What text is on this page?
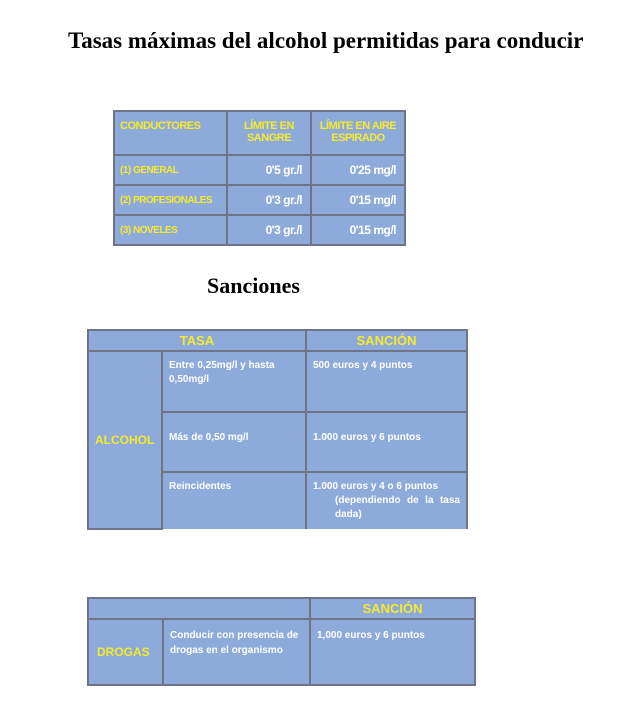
Tasas máximas del alcohol permitidas para conducir
CONDUCTORES	LÍMITE EN SANGRE	LÍMITE EN AIRE ESPIRADO
(1) GENERAL	0'5 gr./l	0'25 mg/l
(2) PROFESIONALES	0'3 gr./l	0'15 mg/l
(3) NOVELES	0'3 gr./l	0'15 mg/l
Sanciones
TASA		SANCIÓN
ALCOHOL	Entre 0,25mg/l y hasta 0,50mg/l	500 euros y 4 puntos
	Más de 0,50 mg/l	1.000 euros y 6 puntos
	Reincidentes	1.000 euros y 4 o 6 puntos
(dependiendo de la tasa dada)
		SANCIÓN
DROGAS	Conducir con presencia de drogas en el organismo	1,000 euros y 6 puntos
